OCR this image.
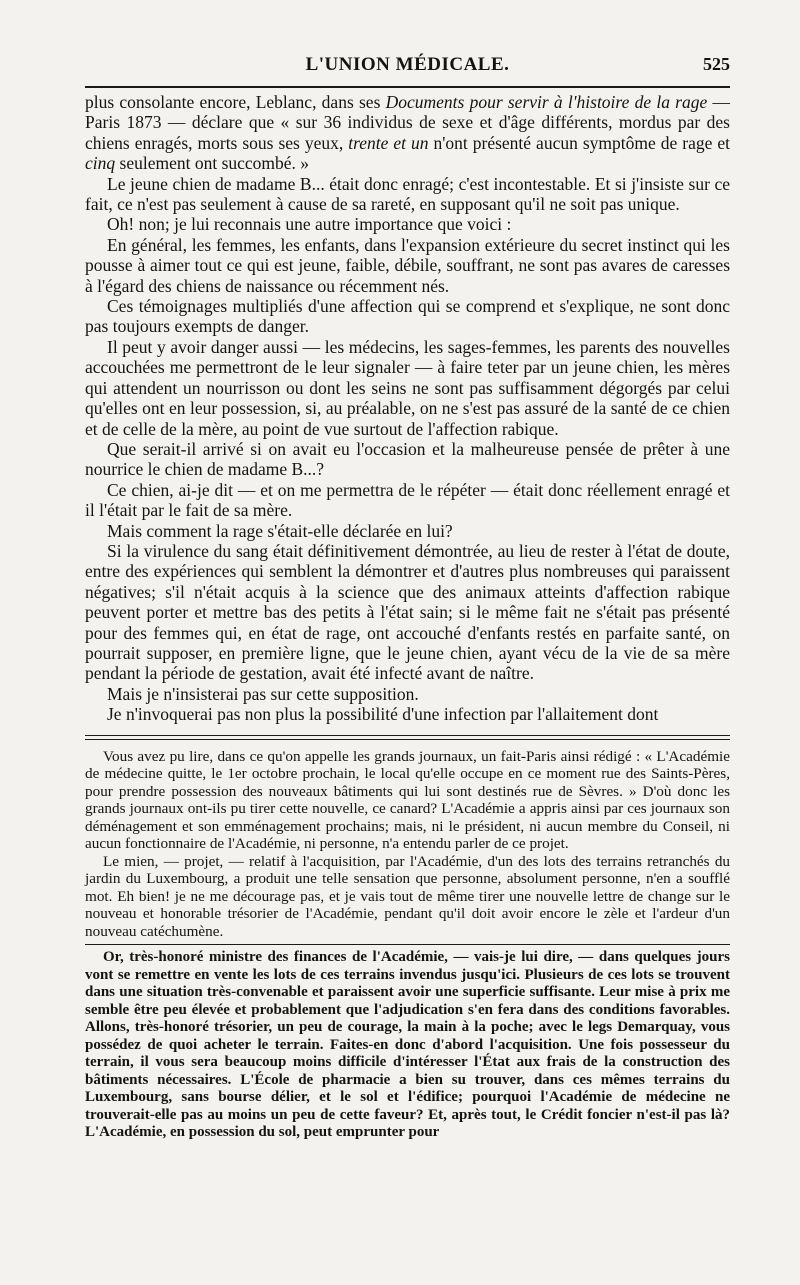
L'UNION MÉDICALE.	525

plus consolante encore, Leblanc, dans ses Documents pour servir à l'histoire de la rage — Paris 1873 — déclare que « sur 36 individus de sexe et d'âge différents, mordus par des chiens enragés, morts sous ses yeux, trente et un n'ont présenté aucun symptôme de rage et cinq seulement ont succombé. »

Le jeune chien de madame B... était donc enragé; c'est incontestable. Et si j'insiste sur ce fait, ce n'est pas seulement à cause de sa rareté, en supposant qu'il ne soit pas unique.

Oh! non; je lui reconnais une autre importance que voici :

En général, les femmes, les enfants, dans l'expansion extérieure du secret instinct qui les pousse à aimer tout ce qui est jeune, faible, débile, souffrant, ne sont pas avares de caresses à l'égard des chiens de naissance ou récemment nés.

Ces témoignages multipliés d'une affection qui se comprend et s'explique, ne sont donc pas toujours exempts de danger.

Il peut y avoir danger aussi — les médecins, les sages-femmes, les parents des nouvelles accouchées me permettront de le leur signaler — à faire teter par un jeune chien, les mères qui attendent un nourrisson ou dont les seins ne sont pas suffisamment dégorgés par celui qu'elles ont en leur possession, si, au préalable, on ne s'est pas assuré de la santé de ce chien et de celle de la mère, au point de vue surtout de l'affection rabique.

Que serait-il arrivé si on avait eu l'occasion et la malheureuse pensée de prêter à une nourrice le chien de madame B...?

Ce chien, ai-je dit — et on me permettra de le répéter — était donc réellement enragé et il l'était par le fait de sa mère.

Mais comment la rage s'était-elle déclarée en lui?

Si la virulence du sang était définitivement démontrée, au lieu de rester à l'état de doute, entre des expériences qui semblent la démontrer et d'autres plus nombreuses qui paraissent négatives; s'il n'était acquis à la science que des animaux atteints d'affection rabique peuvent porter et mettre bas des petits à l'état sain; si le même fait ne s'était pas présenté pour des femmes qui, en état de rage, ont accouché d'enfants restés en parfaite santé, on pourrait supposer, en première ligne, que le jeune chien, ayant vécu de la vie de sa mère pendant la période de gestation, avait été infecté avant de naître.

Mais je n'insisterai pas sur cette supposition.

Je n'invoquerai pas non plus la possibilité d'une infection par l'allaitement dont

Vous avez pu lire, dans ce qu'on appelle les grands journaux, un fait-Paris ainsi rédigé : « L'Académie de médecine quitte, le 1er octobre prochain, le local qu'elle occupe en ce moment rue des Saints-Pères, pour prendre possession des nouveaux bâtiments qui lui sont destinés rue de Sèvres. » D'où donc les grands journaux ont-ils pu tirer cette nouvelle, ce canard? L'Académie a appris ainsi par ces journaux son déménagement et son emménagement prochains; mais, ni le président, ni aucun membre du Conseil, ni aucun fonctionnaire de l'Académie, ni personne, n'a entendu parler de ce projet.

Le mien, — projet, — relatif à l'acquisition, par l'Académie, d'un des lots des terrains retranchés du jardin du Luxembourg, a produit une telle sensation que personne, absolument personne, n'en a soufflé mot. Eh bien! je ne me décourage pas, et je vais tout de même tirer une nouvelle lettre de change sur le nouveau et honorable trésorier de l'Académie, pendant qu'il doit avoir encore le zèle et l'ardeur d'un nouveau catéchumène.

Or, très-honoré ministre des finances de l'Académie, — vais-je lui dire, — dans quelques jours vont se remettre en vente les lots de ces terrains invendus jusqu'ici. Plusieurs de ces lots se trouvent dans une situation très-convenable et paraissent avoir une superficie suffisante. Leur mise à prix me semble être peu élevée et probablement que l'adjudication s'en fera dans des conditions favorables. Allons, très-honoré trésorier, un peu de courage, la main à la poche; avec le legs Demarquay, vous possédez de quoi acheter le terrain. Faites-en donc d'abord l'acquisition. Une fois possesseur du terrain, il vous sera beaucoup moins difficile d'intéresser l'État aux frais de la construction des bâtiments nécessaires. L'École de pharmacie a bien su trouver, dans ces mêmes terrains du Luxembourg, sans bourse délier, et le sol et l'édifice; pourquoi l'Académie de médecine ne trouverait-elle pas au moins un peu de cette faveur? Et, après tout, le Crédit foncier n'est-il pas là? L'Académie, en possession du sol, peut emprunter pour
